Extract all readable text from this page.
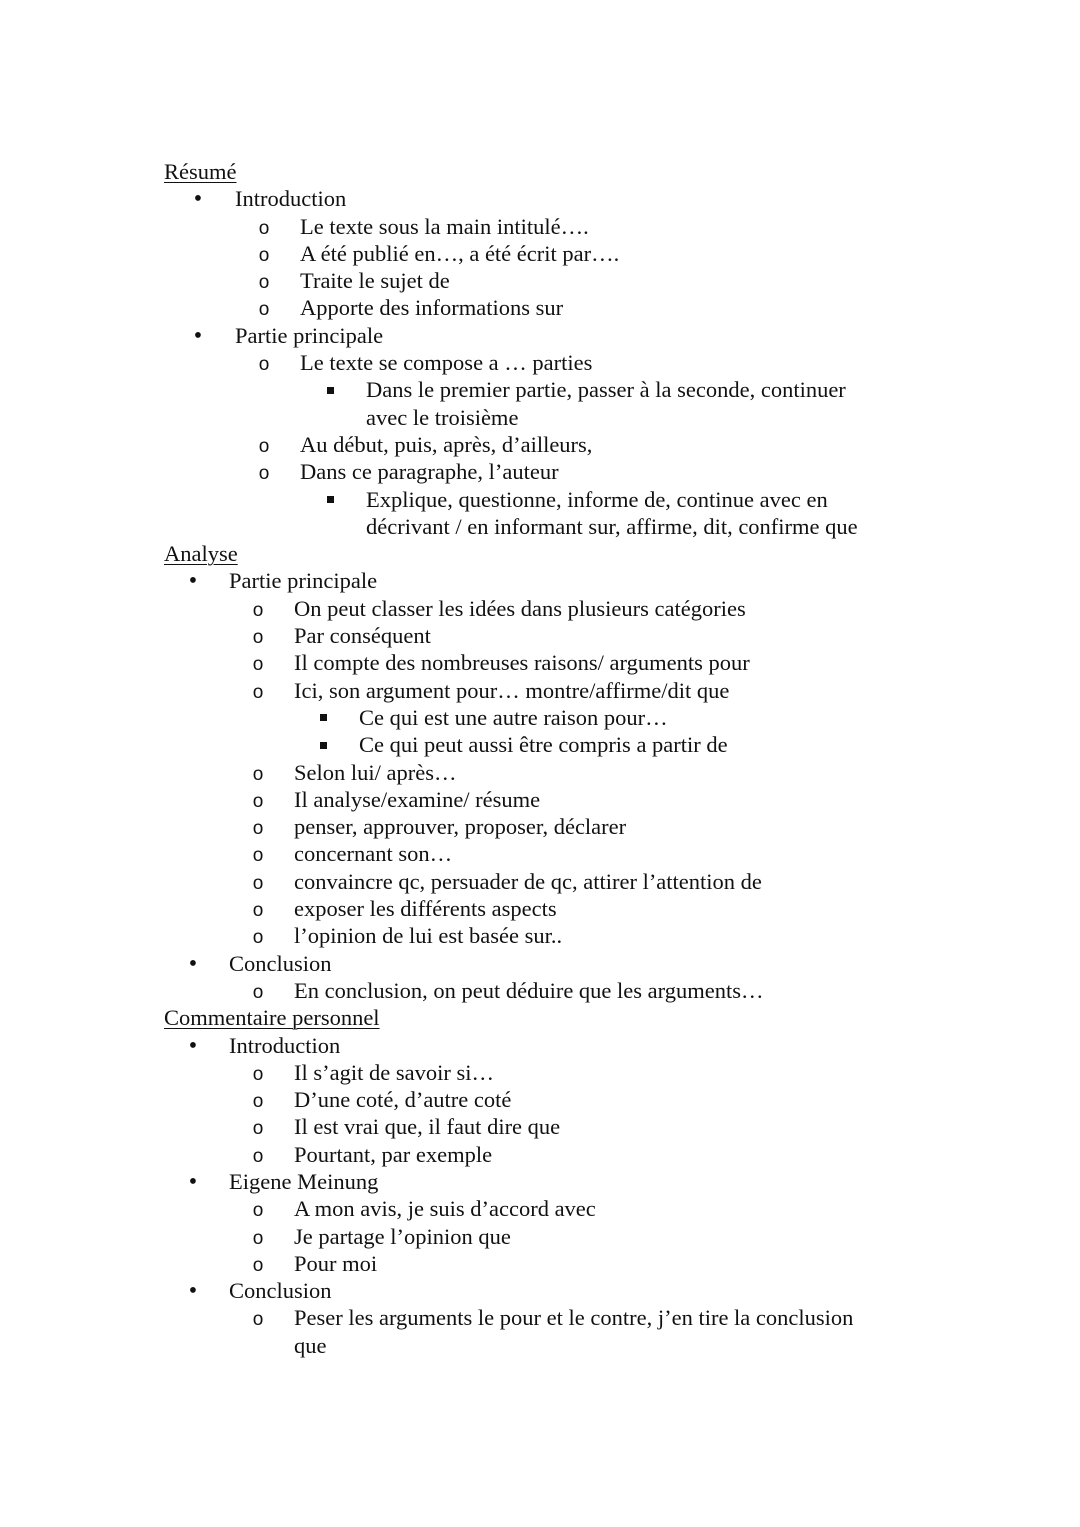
Résumé
•
Introduction
o
Le texte sous la main intitulé….
o
A été publié en…, a été écrit par….
o
Traite le sujet de
o
Apporte des informations sur
•
Partie principale
o
Le texte se compose a … parties
Dans le premier partie, passer à la seconde, continuer avec le troisième
o
Au début, puis, après, d’ailleurs,
o
Dans ce paragraphe, l’auteur
Explique, questionne, informe de, continue avec en décrivant / en informant sur, affirme, dit, confirme que
Analyse
•
Partie principale
o
On peut classer les idées dans plusieurs catégories
o
Par conséquent
o
Il compte des nombreuses raisons/ arguments pour
o
Ici, son argument pour… montre/affirme/dit que
Ce qui est une autre raison pour…
Ce qui peut aussi être compris a partir de
o
Selon lui/ après…
o
Il analyse/examine/ résume
o
penser, approuver, proposer, déclarer
o
concernant son…
o
convaincre qc, persuader de qc, attirer l’attention de
o
exposer les différents aspects
o
l’opinion de lui est basée sur..
•
Conclusion
o
En conclusion, on peut déduire que les arguments…
Commentaire personnel
•
Introduction
o
Il s’agit de savoir si…
o
D’une coté, d’autre coté
o
Il est vrai que, il faut dire que
o
Pourtant, par exemple
•
Eigene Meinung
o
A mon avis, je suis d’accord avec
o
Je partage l’opinion que
o
Pour moi
•
Conclusion
o
Peser les arguments le pour et le contre, j’en tire la conclusion que
